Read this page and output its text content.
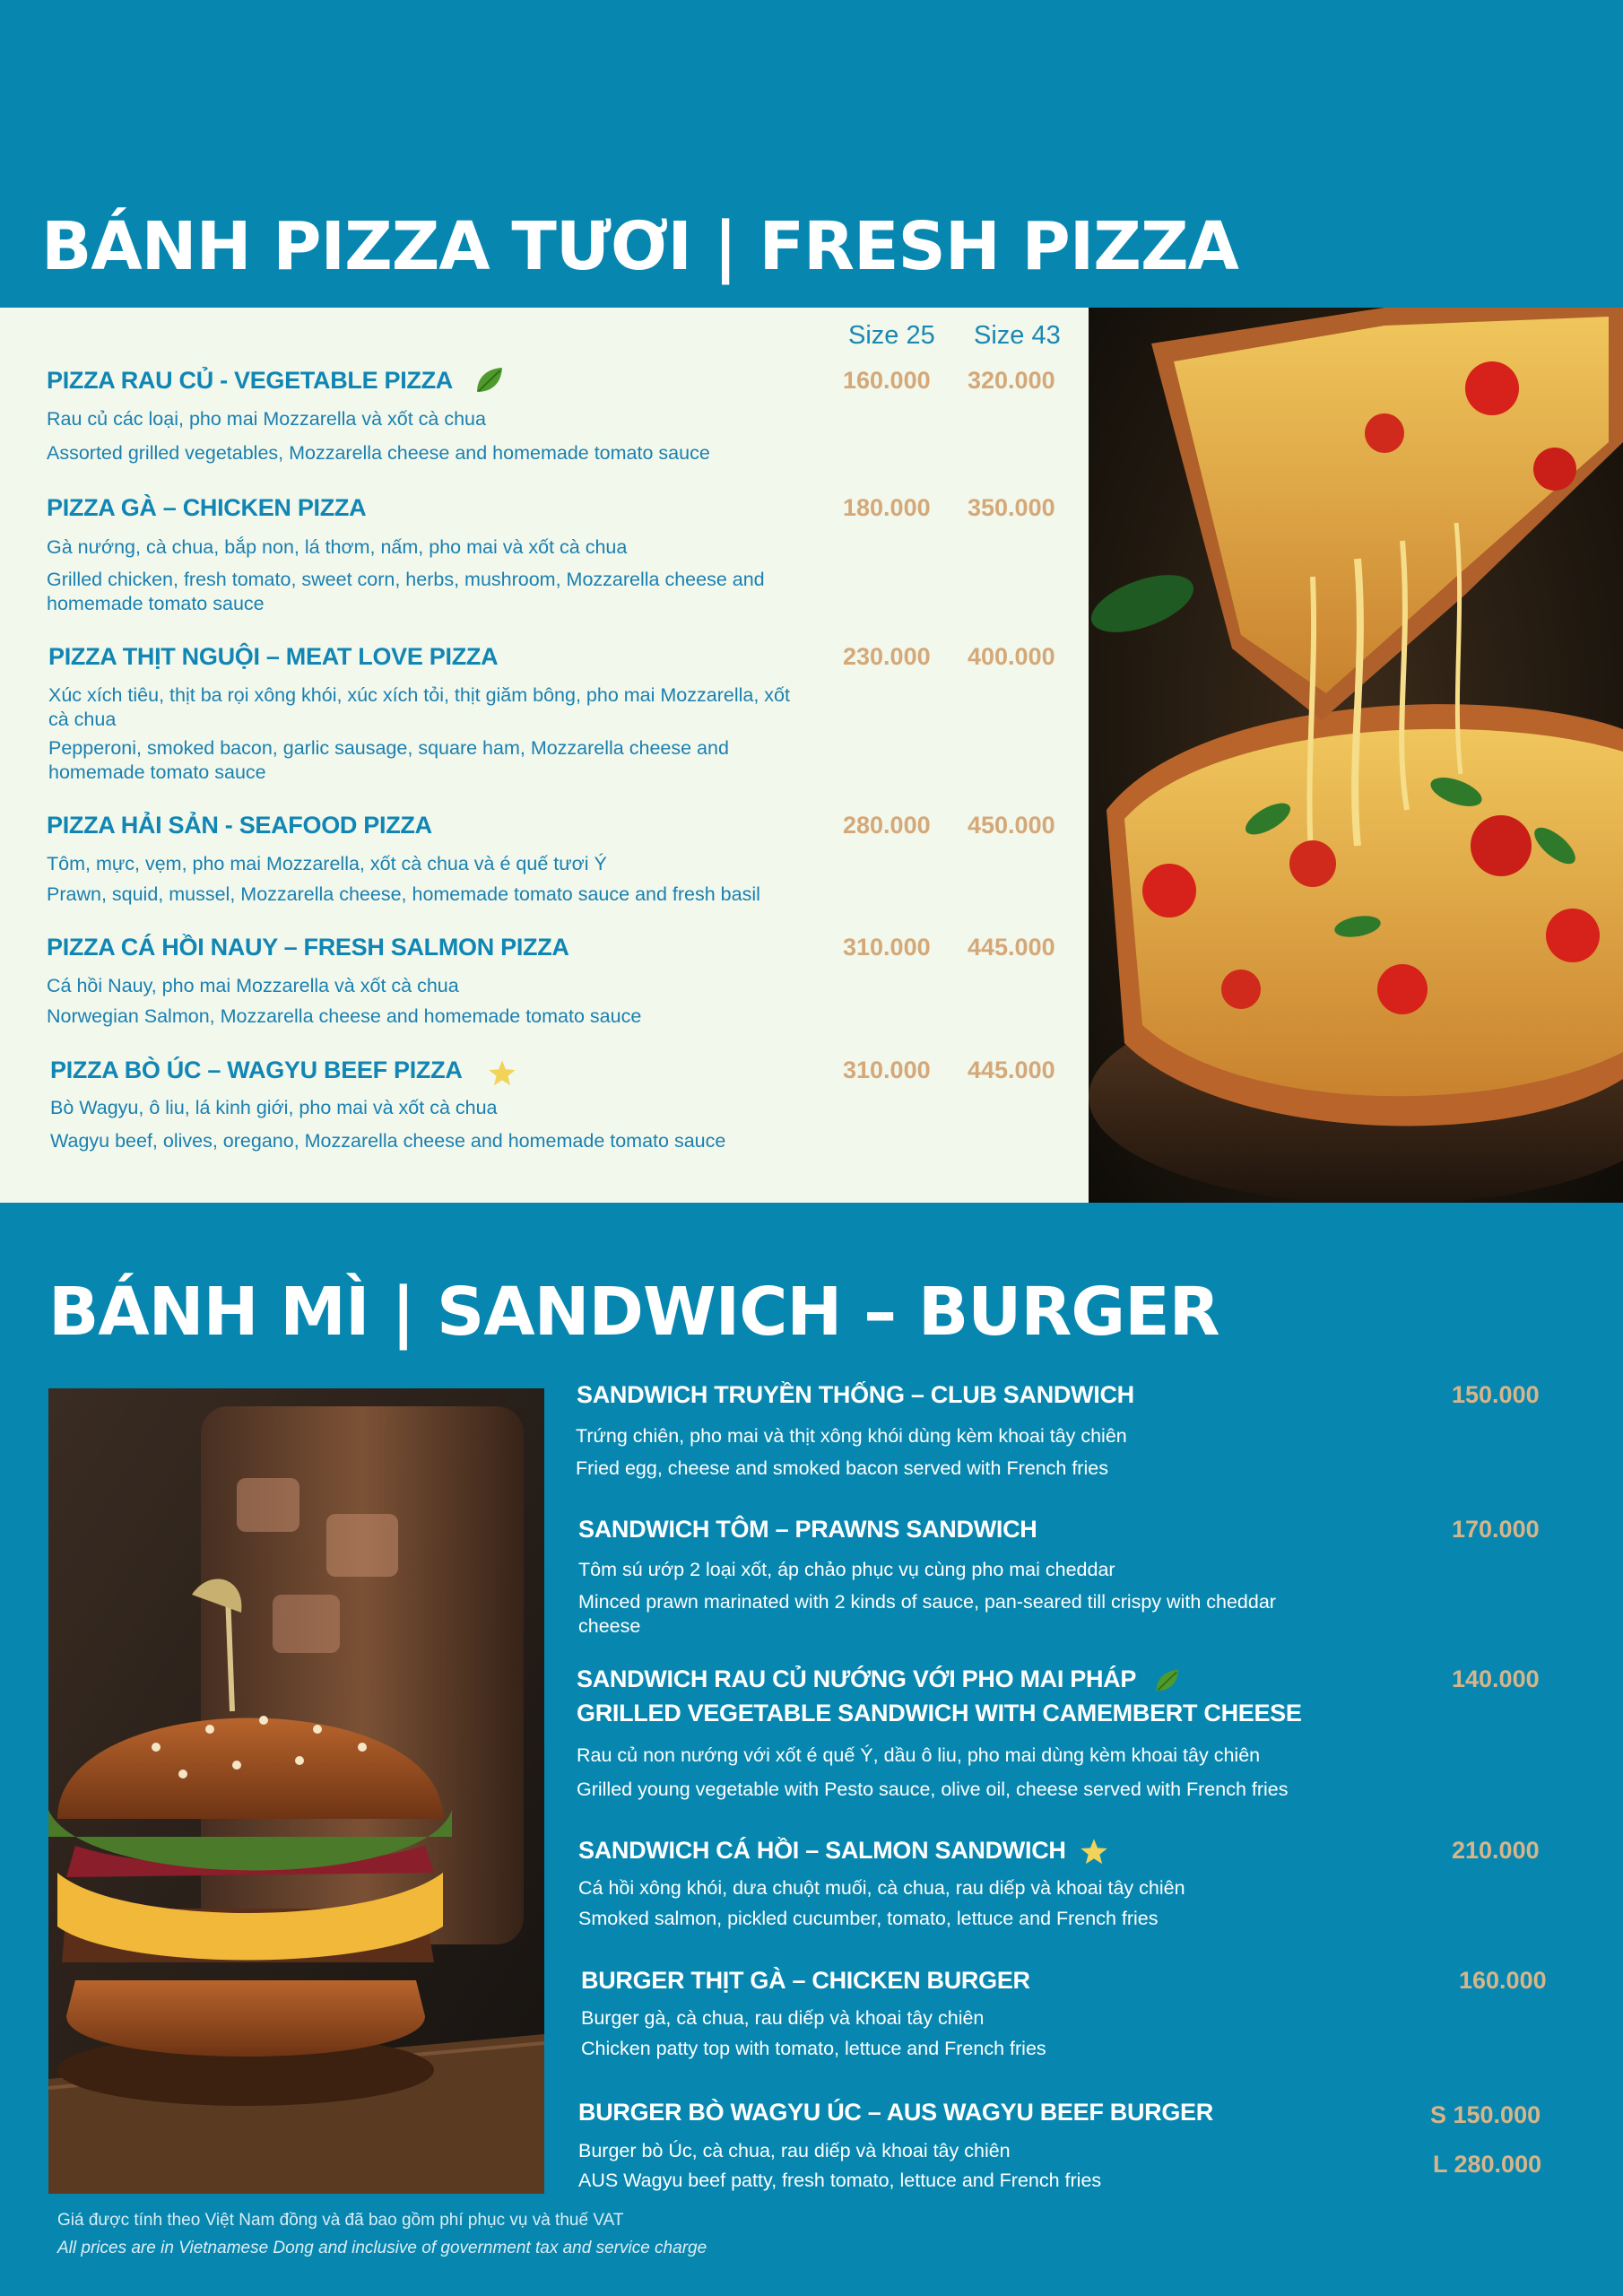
BÁNH PIZZA TƯƠI | FRESH PIZZA
Size 25 Size 43
PIZZA RAU CỦ - VEGETABLE PIZZA	160.000 320.000
Rau củ các loại, pho mai Mozzarella và xốt cà chua
Assorted grilled vegetables, Mozzarella cheese and homemade tomato sauce
PIZZA GÀ – CHICKEN PIZZA	180.000 350.000
Gà nướng, cà chua, bắp non, lá thơm, nấm, pho mai và xốt cà chua
Grilled chicken, fresh tomato, sweet corn, herbs, mushroom, Mozzarella cheese and homemade tomato sauce
PIZZA THỊT NGUỘI – MEAT LOVE PIZZA	230.000 400.000
Xúc xích tiêu, thịt ba rọi xông khói, xúc xích tỏi, thịt giăm bông, pho mai Mozzarella, xốt cà chua
Pepperoni, smoked bacon, garlic sausage, square ham, Mozzarella cheese and homemade tomato sauce
PIZZA HẢI SẢN - SEAFOOD PIZZA	280.000 450.000
Tôm, mực, vẹm, pho mai Mozzarella, xốt cà chua và é quế tươi Ý
Prawn, squid, mussel, Mozzarella cheese, homemade tomato sauce and fresh basil
PIZZA CÁ HỒI NAUY – FRESH SALMON PIZZA	310.000 445.000
Cá hồi Nauy, pho mai Mozzarella và xốt cà chua
Norwegian Salmon, Mozzarella cheese and homemade tomato sauce
PIZZA BÒ ÚC – WAGYU BEEF PIZZA	310.000 445.000
Bò Wagyu, ô liu, lá kinh giới, pho mai và xốt cà chua
Wagyu beef, olives, oregano, Mozzarella cheese and homemade tomato sauce
BÁNH MÌ | SANDWICH – BURGER
SANDWICH TRUYỀN THỐNG – CLUB SANDWICH	150.000
Trứng chiên, pho mai và thịt xông khói dùng kèm khoai tây chiên
Fried egg, cheese and smoked bacon served with French fries
SANDWICH TÔM – PRAWNS SANDWICH	170.000
Tôm sú ướp 2 loại xốt, áp chảo phục vụ cùng pho mai cheddar
Minced prawn marinated with 2 kinds of sauce, pan-seared till crispy with cheddar cheese
SANDWICH RAU CỦ NƯỚNG VỚI PHO MAI PHÁP
GRILLED VEGETABLE SANDWICH WITH CAMEMBERT CHEESE
140.000
Rau củ non nướng với xốt é quế Ý, dầu ô liu, pho mai dùng kèm khoai tây chiên
Grilled young vegetable with Pesto sauce, olive oil, cheese served with French fries
SANDWICH CÁ HỒI – SALMON SANDWICH	210.000
Cá hồi xông khói, dưa chuột muối, cà chua, rau diếp và khoai tây chiên
Smoked salmon, pickled cucumber, tomato, lettuce and French fries
BURGER THỊT GÀ – CHICKEN BURGER	160.000
Burger gà, cà chua, rau diếp và khoai tây chiên
Chicken patty top with tomato, lettuce and French fries
BURGER BÒ WAGYU ÚC – AUS WAGYU BEEF BURGER	S 150.000
L 280.000
Burger bò Úc, cà chua, rau diếp và khoai tây chiên
AUS Wagyu beef patty, fresh tomato, lettuce and French fries
Giá được tính theo Việt Nam đồng và đã bao gồm phí phục vụ và thuế VAT
All prices are in Vietnamese Dong and inclusive of government tax and service charge
